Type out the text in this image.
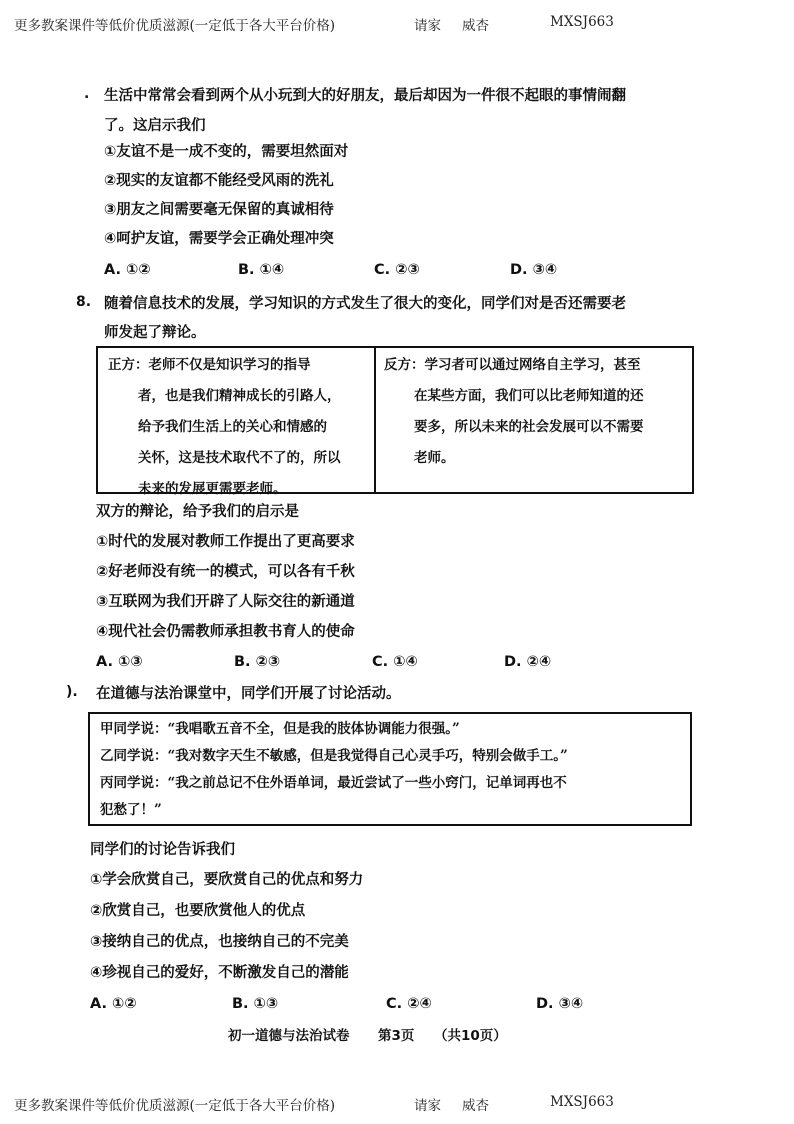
更多教案课件等低价优质滋源(一定低于各大平台价格)	请家 威杏	MXSJ663
. 生活中常常会看到两个从小玩到大的好朋友，最后却因为一件很不起眼的事情闹翻
了。这启示我们
①友谊不是一成不变的，需要坦然面对
②现实的友谊都不能经受风雨的洗礼
③朋友之间需要毫无保留的真诚相待
④呵护友谊，需要学会正确处理冲突
A. ①②	B. ①④	C. ②③	D. ③④
8. 随着信息技术的发展，学习知识的方式发生了很大的变化，同学们对是否还需要老
师发起了辩论。
正方：老师不仅是知识学习的指导
者，也是我们精神成长的引路人，
给予我们生活上的关心和情感的
关怀，这是技术取代不了的，所以
未来的发展更需要老师。
反方：学习者可以通过网络自主学习，甚至
在某些方面，我们可以比老师知道的还
要多，所以未来的社会发展可以不需要
老师。
双方的辩论，给予我们的启示是
①时代的发展对教师工作提出了更高要求
②好老师没有统一的模式，可以各有千秋
③互联网为我们开辟了人际交往的新通道
④现代社会仍需教师承担教书育人的使命
A. ①③	B. ②③	C. ①④	D. ②④
). 在道德与法治课堂中，同学们开展了讨论活动。
甲同学说：“我唱歌五音不全，但是我的肢体协调能力很强。”
乙同学说：“我对数字天生不敏感，但是我觉得自己心灵手巧，特别会做手工。”
丙同学说：“我之前总记不住外语单词，最近尝试了一些小窍门，记单词再也不
犯愁了！”
同学们的讨论告诉我们
①学会欣赏自己，要欣赏自己的优点和努力
②欣赏自己，也要欣赏他人的优点
③接纳自己的优点，也接纳自己的不完美
④珍视自己的爱好，不断激发自己的潜能
A. ①②	B. ①③	C. ②④	D. ③④
初一道德与法治试卷 第3页 （共10页）
更多教案课件等低价优质滋源(一定低于各大平台价格)	请家 威杏	MXSJ663
